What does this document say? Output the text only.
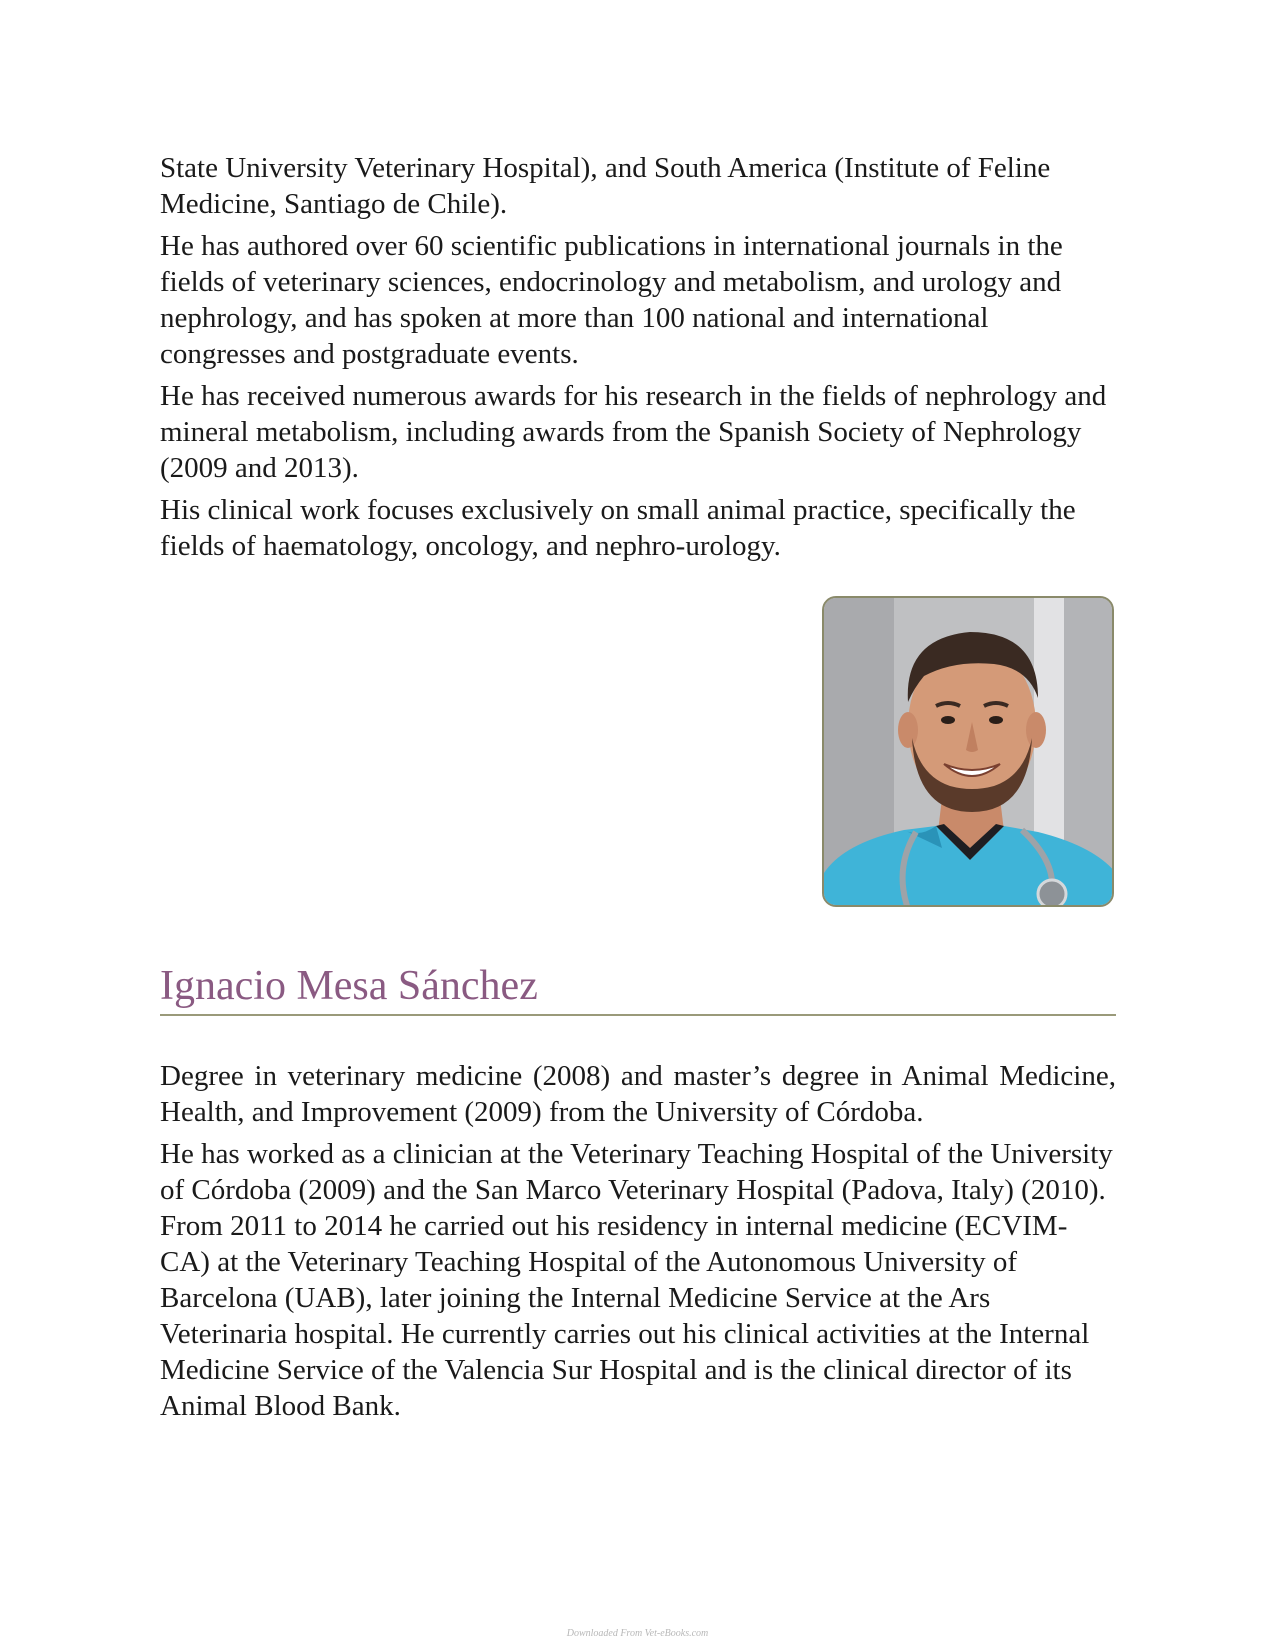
State University Veterinary Hospital), and South America (Institute of Feline Medicine, Santiago de Chile).

He has authored over 60 scientific publications in international journals in the fields of veterinary sciences, endocrinology and metabolism, and urology and nephrology, and has spoken at more than 100 national and international congresses and postgraduate events.

He has received numerous awards for his research in the fields of nephrology and mineral metabolism, including awards from the Spanish Society of Nephrology (2009 and 2013).

His clinical work focuses exclusively on small animal practice, specifically the fields of haematology, oncology, and nephro-urology.

Ignacio Mesa Sánchez

Degree in veterinary medicine (2008) and master’s degree in Animal Medicine, Health, and Improvement (2009) from the University of Córdoba.

He has worked as a clinician at the Veterinary Teaching Hospital of the University of Córdoba (2009) and the San Marco Veterinary Hospital (Padova, Italy) (2010). From 2011 to 2014 he carried out his residency in internal medicine (ECVIM-CA) at the Veterinary Teaching Hospital of the Autonomous University of Barcelona (UAB), later joining the Internal Medicine Service at the Ars Veterinaria hospital. He currently carries out his clinical activities at the Internal Medicine Service of the Valencia Sur Hospital and is the clinical director of its Animal Blood Bank.

Downloaded From Vet-eBooks.com
